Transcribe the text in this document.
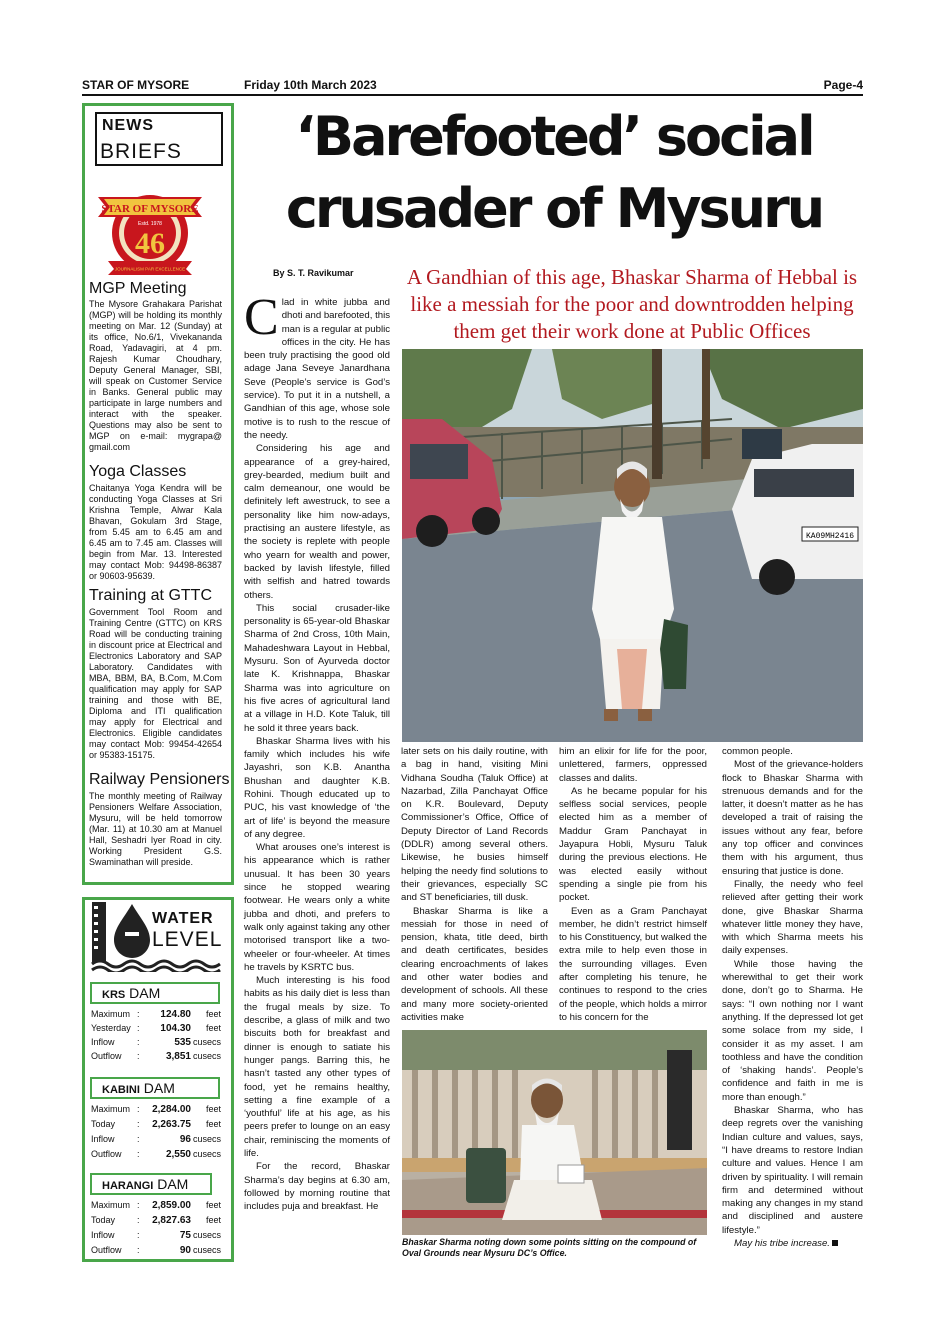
STAR OF MYSORE	Friday 10th March 2023	Page-4
NEWS
BRIEFS
STAR OF MYSORE
Estd. 1978
46
JOURNALISM PAR EXCELLENCE
MGP Meeting
The Mysore Grahakara Parishat (MGP) will be holding its monthly meeting on Mar. 12 (Sunday) at its office, No.6/1, Vivekananda Road, Yadavagiri, at 4 pm. Rajesh Kumar Choudhary, Deputy General Manager, SBI, will speak on Customer Service in Banks. General public may participate in large numbers and interact with the speaker. Questions may also be sent to MGP on e-mail: mygrapa@ gmail.com
Yoga Classes
Chaitanya Yoga Kendra will be conducting Yoga Classes at Sri Krishna Temple, Alwar Kala Bhavan, Gokulam 3rd Stage, from 5.45 am to 6.45 am and 6.45 am to 7.45 am. Classes will begin from Mar. 13. Interested may contact Mob: 94498-86387 or 90603-95639.
Training at GTTC
Government Tool Room and Training Centre (GTTC) on KRS Road will be conducting training in discount price at Electrical and Electronics Laboratory and SAP Laboratory. Candidates with MBA, BBM, BA, B.Com, M.Com qualification may apply for SAP training and those with BE, Diploma and ITI qualification may apply for Electrical and Electronics. Eligible candidates may contact Mob: 99454-42654 or 95383-15175.
Railway Pensioners
The monthly meeting of Railway Pensioners Welfare Association, Mysuru, will be held tomorrow (Mar. 11) at 10.30 am at Manuel Hall, Seshadri Iyer Road in city. Working President G.S. Swaminathan will preside.
WATER
LEVEL
KRS DAM
Maximum : 124.80 feet
Yesterday : 104.30 feet
Inflow :	535 cusecs
Outflow :	3,851 cusecs
KABINI DAM
Maximum : 2,284.00 feet
Today : 2,263.75 feet
Inflow :	96 cusecs
Outflow :	2,550 cusecs
HARANGI DAM
Maximum : 2,859.00 feet
Today : 2,827.63 feet
Inflow :	75 cusecs
Outflow :	90 cusecs
‘Barefooted’ social
crusader of Mysuru
By S. T. Ravikumar	A Gandhian of this age, Bhaskar Sharma of Hebbal is like a messiah for the poor and downtrodden helping them get their work done at Public Offices

Clad in white jubba and dhoti and barefooted, this man is a regular at public offices in the city. He has been truly practising the good old adage Jana Seveye Janardhana Seve (People’s service is God’s service). To put it in a nutshell, a Gandhian of this age, whose sole motive is to rush to the rescue of the needy.

Considering his age and appearance of a grey-haired, grey-bearded, medium built and calm demeanour, one would be definitely left awestruck, to see a personality like him now-adays, practising an austere lifestyle, as the society is replete with people who yearn for wealth and power, backed by lavish lifestyle, filled with selfish and hatred towards others.

This social crusader-like personality is 65-year-old Bhaskar Sharma of 2nd Cross, 10th Main, Mahadeshwara Layout in Hebbal, Mysuru. Son of Ayurveda doctor late K. Krishnappa, Bhaskar Sharma was into agriculture on his five acres of agricultural land at a village in H.D. Kote Taluk, till he sold it three years back.

Bhaskar Sharma lives with his family which includes his wife Jayashri, son K.B. Anantha Bhushan and daughter K.B. Rohini. Though educated up to PUC, his vast knowledge of ‘the art of life’ is beyond the measure of any degree.

What arouses one’s interest is his appearance which is rather unusual. It has been 30 years since he stopped wearing footwear. He wears only a white jubba and dhoti, and prefers to walk only against taking any other motorised transport like a two-wheeler or four-wheeler. At times he travels by KSRTC bus.

Much interesting is his food habits as his daily diet is less than the frugal meals by size. To describe, a glass of milk and two biscuits both for breakfast and dinner is enough to satiate his hunger pangs. Barring this, he hasn’t tasted any other types of food, yet he remains healthy, setting a fine example of a ‘youthful’ life at his age, as his peers prefer to lounge on an easy chair, reminiscing the moments of life.

For the record, Bhaskar Sharma’s day begins at 6.30 am, followed by morning routine that includes puja and breakfast. He

KA09MH2416

later sets on his daily routine, with a bag in hand, visiting Mini Vidhana Soudha (Taluk Office) at Nazarbad, Zilla Panchayat Office on K.R. Boulevard, Deputy Commissioner’s Office, Office of Deputy Director of Land Records (DDLR) among several others. Likewise, he busies himself helping the needy find solutions to their grievances, especially SC and ST beneficiaries, till dusk.

Bhaskar Sharma is like a messiah for those in need of pension, khata, title deed, birth and death certificates, besides clearing encroachments of lakes and other water bodies and development of schools. All these and many more society-oriented activities make

him an elixir for life for the poor, unlettered, farmers, oppressed classes and dalits.

As he became popular for his selfless social services, people elected him as a member of Maddur Gram Panchayat in Jayapura Hobli, Mysuru Taluk during the previous elections. He was elected easily without spending a single pie from his pocket.

Even as a Gram Panchayat member, he didn’t restrict himself to his Constituency, but walked the extra mile to help even those in the surrounding villages. Even after completing his tenure, he continues to respond to the cries of the people, which holds a mirror to his concern for the

Bhaskar Sharma noting down some points sitting on the compound of Oval Grounds near Mysuru DC’s Office.

common people.

Most of the grievance-holders flock to Bhaskar Sharma with strenuous demands and for the latter, it doesn’t matter as he has developed a trait of raising the issues without any fear, before any top officer and convinces them with his argument, thus ensuring that justice is done.

Finally, the needy who feel relieved after getting their work done, give Bhaskar Sharma whatever little money they have, with which Sharma meets his daily expenses.

While those having the wherewithal to get their work done, don’t go to Sharma. He says: “I own nothing nor I want anything. If the depressed lot get some solace from my side, I consider it as my asset. I am toothless and have the condition of ‘shaking hands’. People’s confidence and faith in me is more than enough.”

Bhaskar Sharma, who has deep regrets over the vanishing Indian culture and values, says, “I have dreams to restore Indian culture and values. Hence I am driven by spirituality. I will remain firm and determined without making any changes in my stand and disciplined and austere lifestyle.”

May his tribe increase.
